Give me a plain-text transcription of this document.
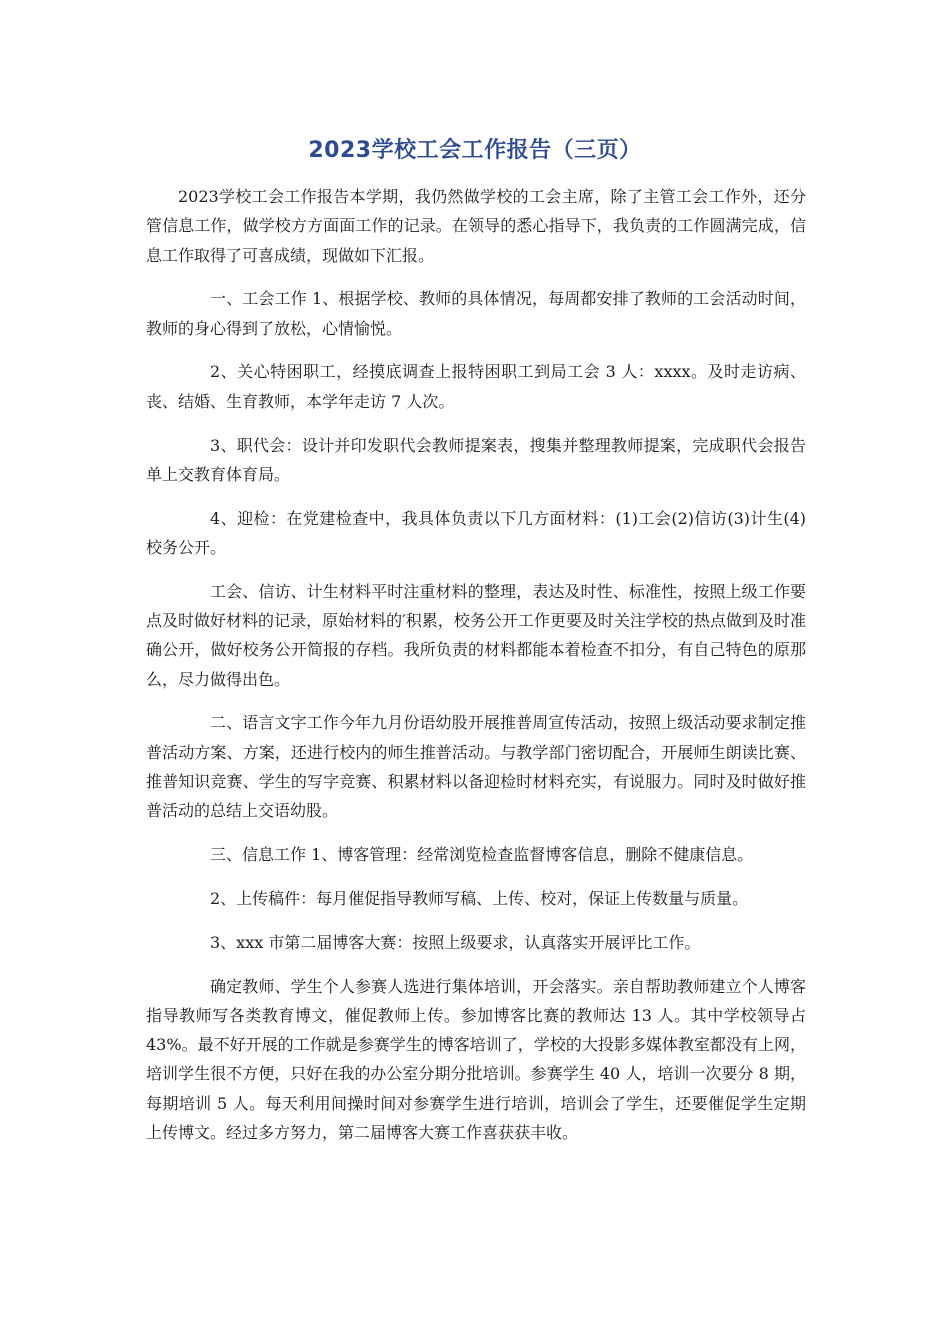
2023学校工会工作报告（三页）

2023学校工会工作报告本学期，我仍然做学校的工会主席，除了主管工会工作外，还分管信息工作，做学校方方面面工作的记录。在领导的悉心指导下，我负责的工作圆满完成，信息工作取得了可喜成绩，现做如下汇报。

一、工会工作 1、根据学校、教师的具体情况，每周都安排了教师的工会活动时间，教师的身心得到了放松，心情愉悦。

2、关心特困职工，经摸底调查上报特困职工到局工会 3 人：xxxx。及时走访病、丧、结婚、生育教师，本学年走访 7 人次。

3、职代会：设计并印发职代会教师提案表，搜集并整理教师提案，完成职代会报告单上交教育体育局。

4、迎检：在党建检查中，我具体负责以下几方面材料：(1)工会(2)信访(3)计生(4)校务公开。

工会、信访、计生材料平时注重材料的整理，表达及时性、标准性，按照上级工作要点及时做好材料的记录，原始材料的′积累，校务公开工作更要及时关注学校的热点做到及时准确公开，做好校务公开简报的存档。我所负责的材料都能本着检查不扣分，有自己特色的原那么，尽力做得出色。

二、语言文字工作今年九月份语幼股开展推普周宣传活动，按照上级活动要求制定推普活动方案、方案，还进行校内的师生推普活动。与教学部门密切配合，开展师生朗读比赛、推普知识竞赛、学生的写字竞赛、积累材料以备迎检时材料充实，有说服力。同时及时做好推普活动的总结上交语幼股。

三、信息工作 1、博客管理：经常浏览检查监督博客信息，删除不健康信息。

2、上传稿件：每月催促指导教师写稿、上传、校对，保证上传数量与质量。

3、xxx 市第二届博客大赛：按照上级要求，认真落实开展评比工作。

确定教师、学生个人参赛人选进行集体培训，开会落实。亲自帮助教师建立个人博客指导教师写各类教育博文，催促教师上传。参加博客比赛的教师达 13 人。其中学校领导占 43%。最不好开展的工作就是参赛学生的博客培训了，学校的大投影多媒体教室都没有上网，培训学生很不方便，只好在我的办公室分期分批培训。参赛学生 40 人，培训一次要分 8 期，每期培训 5 人。每天利用间操时间对参赛学生进行培训，培训会了学生，还要催促学生定期上传博文。经过多方努力，第二届博客大赛工作喜获获丰收。
